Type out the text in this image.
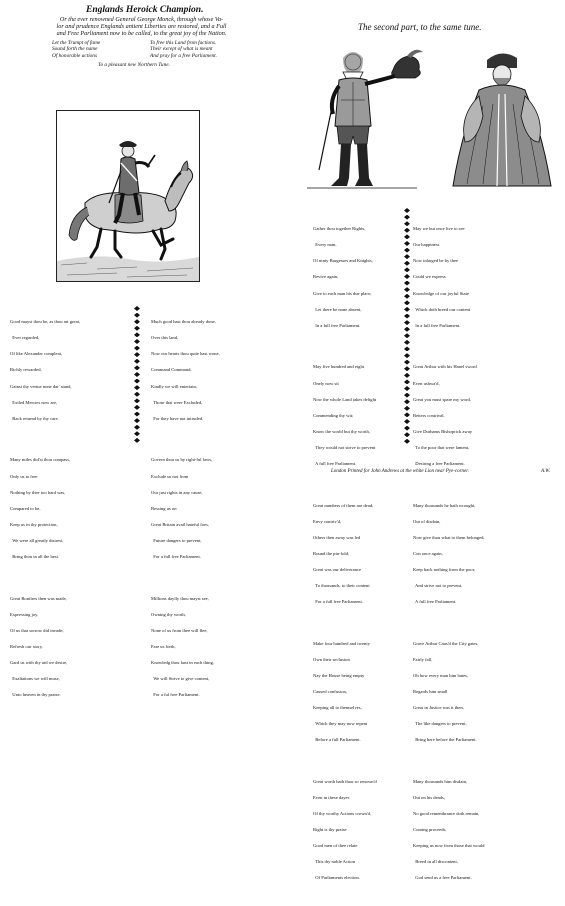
Englands Heroick Champion.
Or the ever renowned General George Monck, through whose Va-
lor and prudence Englands antient Liberties are restored, and a Full
and Free Parliament now to be called, to the great joy of the Nation.
Let the Trumpt of fame
Sound forth the name
Of honorable actions
To free this Land from factions.
Their except of what is meant
And pray for a free Parliament.
To a pleasant new Northern Tune.

Good mayst thou be, as thou art great,

Ever regarded,

Of like Alexander compleat,

Richly rewarded,

Gainst thy vertue none dar' stand,

Exiled Mercies now are,

Back returnd by thy care.

Many miles did'st thou compass,

Only us to free

Nothing by thee too hard was,

Compared to be,

Keep us in thy protection,

We were all greatly distrest,

Bring thou in all the best.

Great Bonfires then was made,

Expressing joy,

Of us that sorrow did invade,

Refresh our story,

Gard us with thy aid we desire,

Exaltations we will muse,

Unto heaven in thy praise.

Much good hast thou already done,

Over this land,

Now our hearts thou quite hast wone,

Command Command,

Kindly we will entertain,

Those that were Excluded,

For they have not intruded.

Govern thou us by right-ful laws,

Exclude us not from

Our just rights in any cause,

Bessing us on

Great Britain avail hateful foes,

Future dangers to prevent,

For a full free Parliament.

Millions daylly thou mayst see,

Owning thy worth,

None of us from thee will flee,

Fare us forth,

Knowledg thou hast in each thing,

We will Strive to give content,

For a ful free Parliament.

The second part, to the same tune.

Gather thou together Rights,

Every man,

Of ninty Burgesses and Knights,

Revive again,

Give to each man his due place,

Let there be none absent,

In a full free Parliament.

May five hundred and eight

Onely now sit

Now the whole Land takes delight

Commending thy wit;

Know the world but thy worth,

They would not strive to prevent

A full free Parliament.

Great numbers of them are dead,

Envy contriv'd,

Others then away was led

Round the pin-fold,

Great was our deliverance

To thousands, to their content

For a full free Parliament.

Make four hundred and twenty

Own their seclusion

Nay the House being empty

Caused confusion,

Keeping all to themselves,

Which they may now repent

Before a full Parliament.

Great worth hath thou so renown'd

Even in these dayes

Of thy worthy Actions crown'd,

Right is thy praise

Good men of thee relate

This thy noble Action

Of Parliaments election.

May we but once live to see

Our happiness

Now inlarged be by thee

Could we express

Knowledge of our joyful State

Which doth breed our content

In a full free Parliament.

Great Arthur with his Hanel sword

Even ushwa'd,

Great you must spare my word,

Betters contrival,

Give Durhams Bishoprick away

To the poor that were lament,

Desiring a free Parliament.

Many thousands he hath wrought,

Out of disdain,

Now give thou what to them belonged,

Con once again,

Keep back nothing from the poor,

And strive not to prevent,

A full free Parliament.

Grave Arthur Caus'd the City gates,

Fairly fall,

Oh how every man him hates,

Regards him small

Great in Justice was it then,

The like dangers to prevent,

Bring here before the Parliament.

Many thousands him disdain,

Out on his deads,

No good remembrance doth remain,

Coming proceeds,

Keeping us now from those that would

Breed in all discontent,

God send us a free Parliament.

London Printed for John Andrews at the white Lion near Pye-corner.	A.W.
